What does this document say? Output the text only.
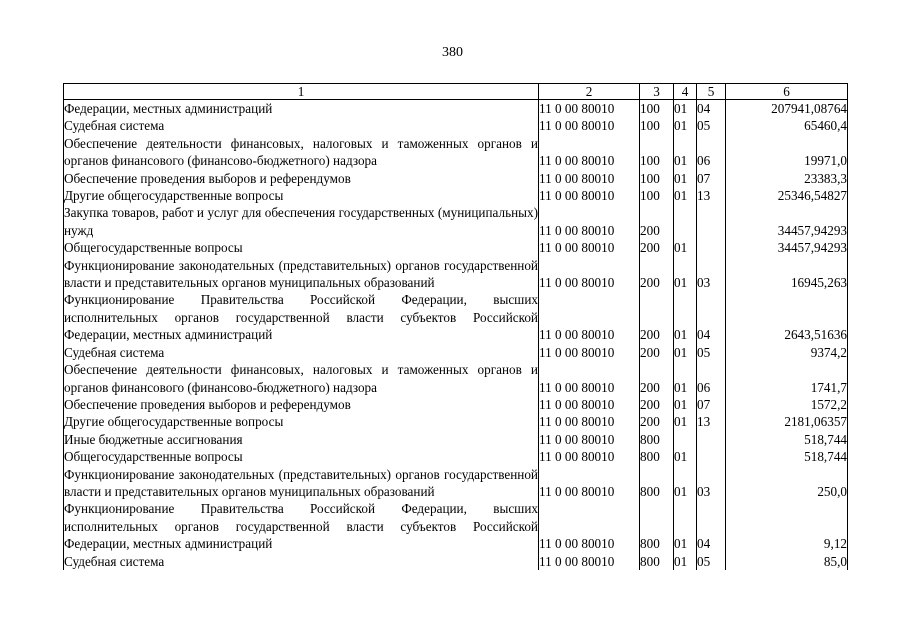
380
1	2	3	4	5	6
Федерации, местных администраций	11 0 00 80010	100	01	04	207941,08764
Судебная система	11 0 00 80010	100	01	05	65460,4
Обеспечение деятельности финансовых, налоговых и таможенных органов и органов финансового (финансово-бюджетного) надзора	11 0 00 80010	100	01	06	19971,0
Обеспечение проведения выборов и референдумов	11 0 00 80010	100	01	07	23383,3
Другие общегосударственные вопросы	11 0 00 80010	100	01	13	25346,54827
Закупка товаров, работ и услуг для обеспечения государственных (муниципальных) нужд	11 0 00 80010	200			34457,94293
Общегосударственные вопросы	11 0 00 80010	200	01		34457,94293
Функционирование законодательных (представительных) органов государственной власти и представительных органов муниципальных образований	11 0 00 80010	200	01	03	16945,263
Функционирование Правительства Российской Федерации, высших исполнительных органов государственной власти субъектов Российской Федерации, местных администраций	11 0 00 80010	200	01	04	2643,51636
Судебная система	11 0 00 80010	200	01	05	9374,2
Обеспечение деятельности финансовых, налоговых и таможенных органов и органов финансового (финансово-бюджетного) надзора	11 0 00 80010	200	01	06	1741,7
Обеспечение проведения выборов и референдумов	11 0 00 80010	200	01	07	1572,2
Другие общегосударственные вопросы	11 0 00 80010	200	01	13	2181,06357
Иные бюджетные ассигнования	11 0 00 80010	800			518,744
Общегосударственные вопросы	11 0 00 80010	800	01		518,744
Функционирование законодательных (представительных) органов государственной власти и представительных органов муниципальных образований	11 0 00 80010	800	01	03	250,0
Функционирование Правительства Российской Федерации, высших исполнительных органов государственной власти субъектов Российской Федерации, местных администраций	11 0 00 80010	800	01	04	9,12
Судебная система	11 0 00 80010	800	01	05	85,0
